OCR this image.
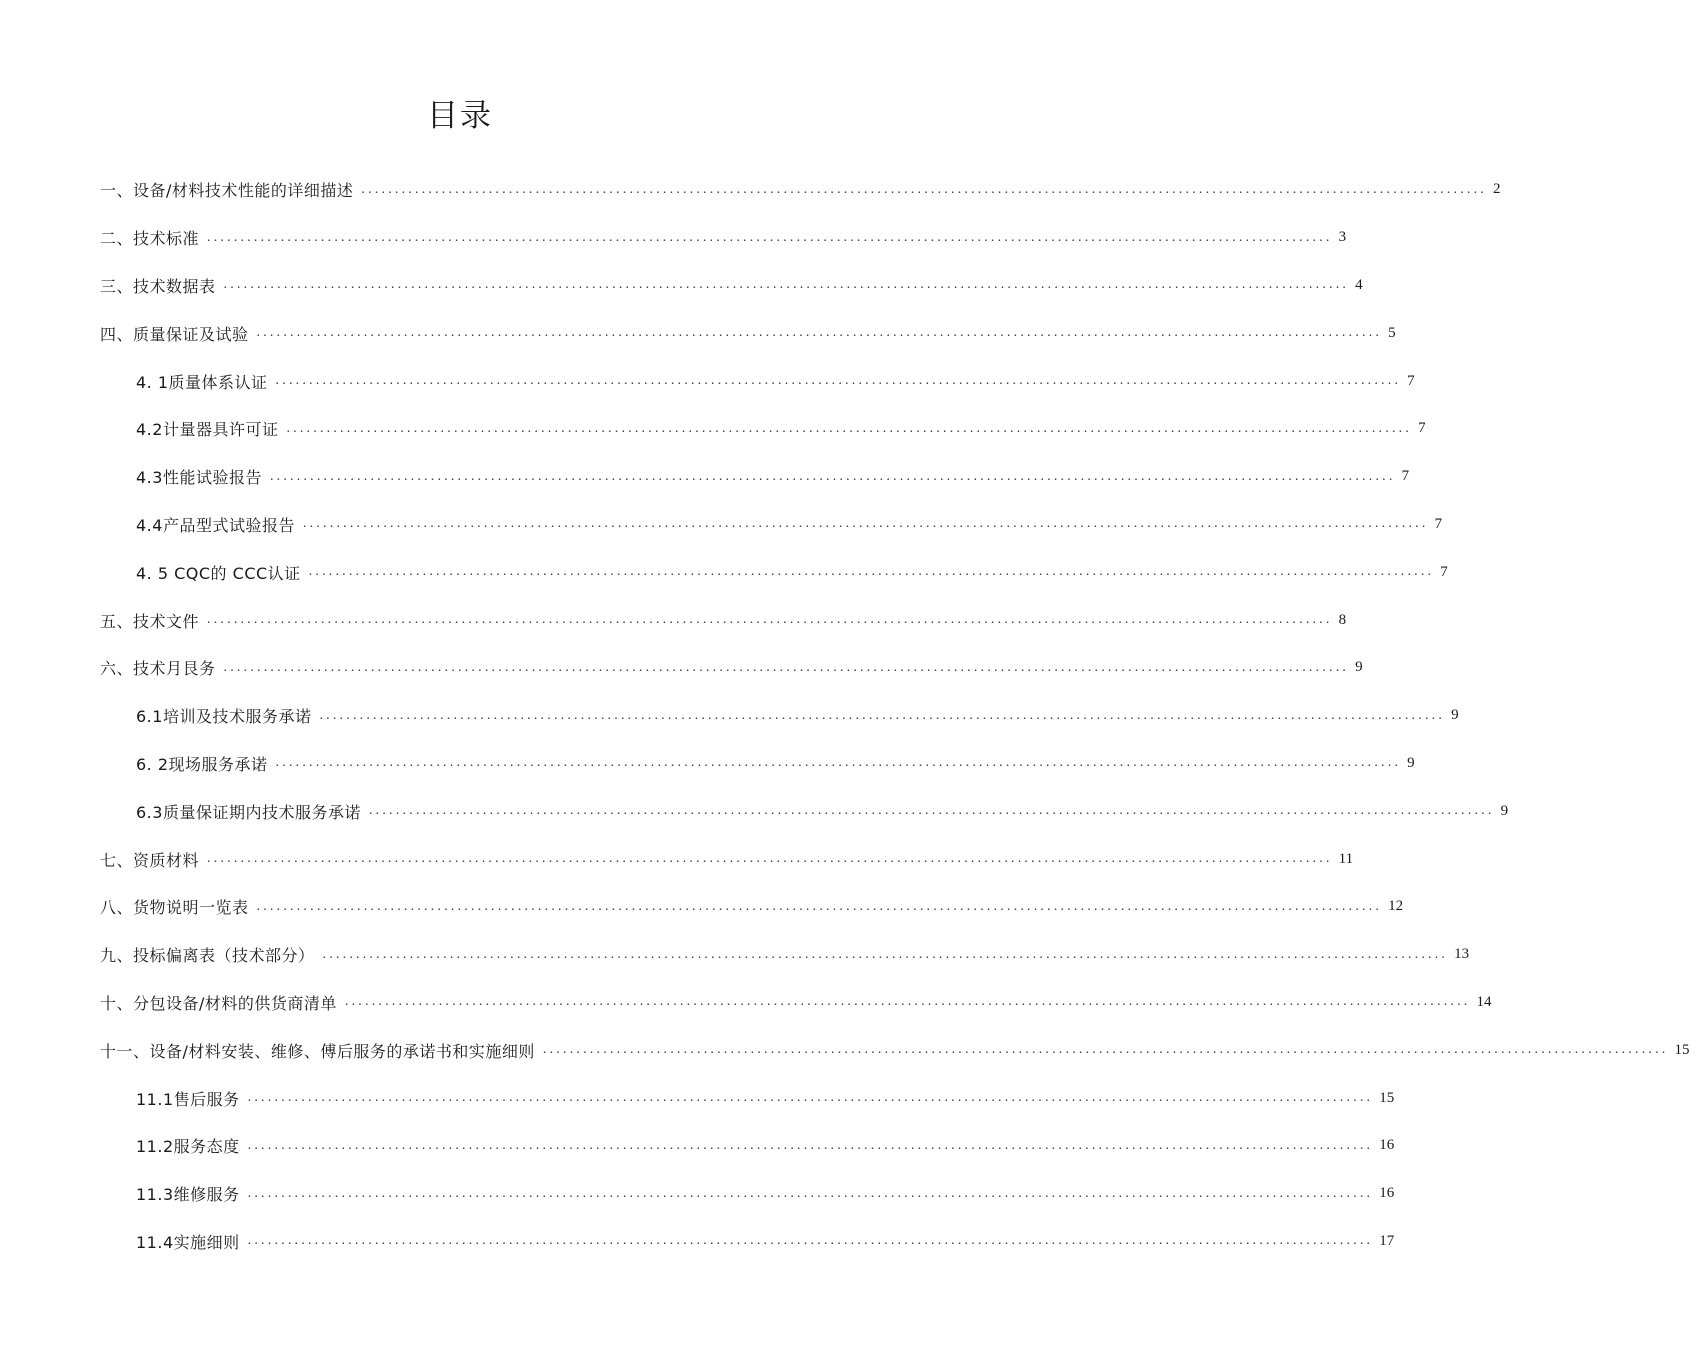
目录
一、设备/材料技术性能的详细描述 ........................................................................................................................................................................ 2
二、技术标准 ........................................................................................................................................................................ 3
三、技术数据表 ........................................................................................................................................................................ 4
四、质量保证及试验 ........................................................................................................................................................................ 5
4. 1质量体系认证 ........................................................................................................................................................................ 7
4.2计量器具许可证 ........................................................................................................................................................................ 7
4.3性能试验报告 ........................................................................................................................................................................ 7
4.4产品型式试验报告 ........................................................................................................................................................................ 7
4. 5 CQC的 CCC认证 ........................................................................................................................................................................ 7
五、技术文件 ........................................................................................................................................................................ 8
六、技术月艮务 ........................................................................................................................................................................ 9
6.1培训及技术服务承诺 ........................................................................................................................................................................ 9
6. 2现场服务承诺 ........................................................................................................................................................................ 9
6.3质量保证期内技术服务承诺 ........................................................................................................................................................................ 9
七、资质材料 ........................................................................................................................................................................ 11
八、货物说明一览表 ........................................................................................................................................................................ 12
九、投标偏离表（技术部分） ........................................................................................................................................................................ 13
十、分包设备/材料的供货商清单 ........................................................................................................................................................................ 14
十一、设备/材料安装、维修、傅后服务的承诺书和实施细则 ........................................................................................................................................................................ 15
11.1售后服务 ........................................................................................................................................................................ 15
11.2服务态度 ........................................................................................................................................................................ 16
11.3维修服务 ........................................................................................................................................................................ 16
11.4实施细则 ........................................................................................................................................................................ 17
